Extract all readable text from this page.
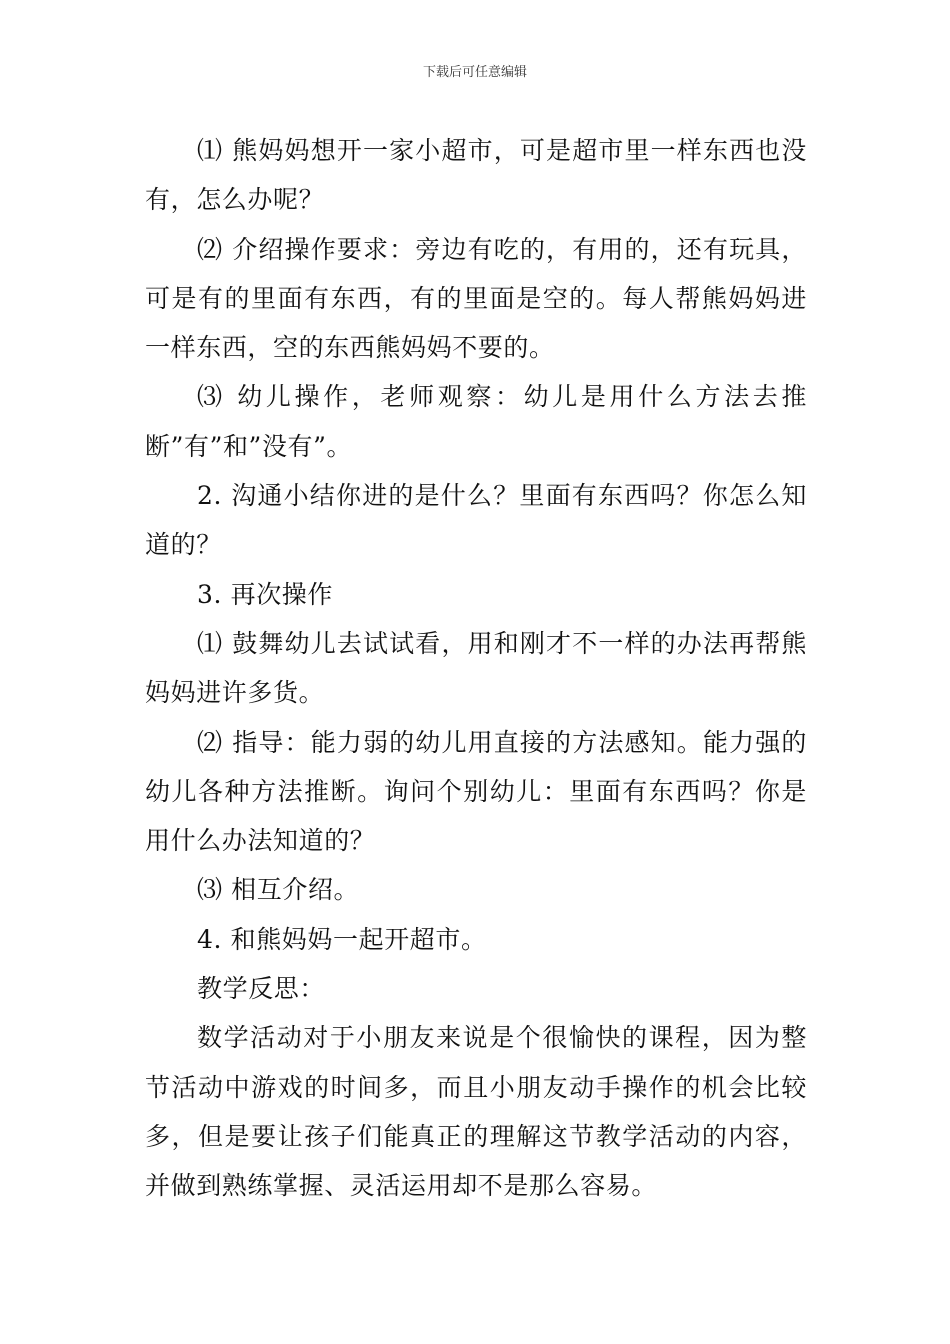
下载后可任意编辑

⑴ 熊妈妈想开一家小超市，可是超市里一样东西也没有，怎么办呢？

⑵ 介绍操作要求：旁边有吃的，有用的，还有玩具，可是有的里面有东西，有的里面是空的。每人帮熊妈妈进一样东西，空的东西熊妈妈不要的。

⑶ 幼儿操作，老师观察：幼儿是用什么方法去推断”有”和”没有”。

2. 沟通小结你进的是什么？里面有东西吗？你怎么知道的？

3. 再次操作

⑴ 鼓舞幼儿去试试看，用和刚才不一样的办法再帮熊妈妈进许多货。

⑵ 指导：能力弱的幼儿用直接的方法感知。能力强的幼儿各种方法推断。询问个别幼儿：里面有东西吗？你是用什么办法知道的？

⑶ 相互介绍。

4. 和熊妈妈一起开超市。

教学反思：

数学活动对于小朋友来说是个很愉快的课程，因为整节活动中游戏的时间多，而且小朋友动手操作的机会比较多，但是要让孩子们能真正的理解这节教学活动的内容，并做到熟练掌握、灵活运用却不是那么容易。
